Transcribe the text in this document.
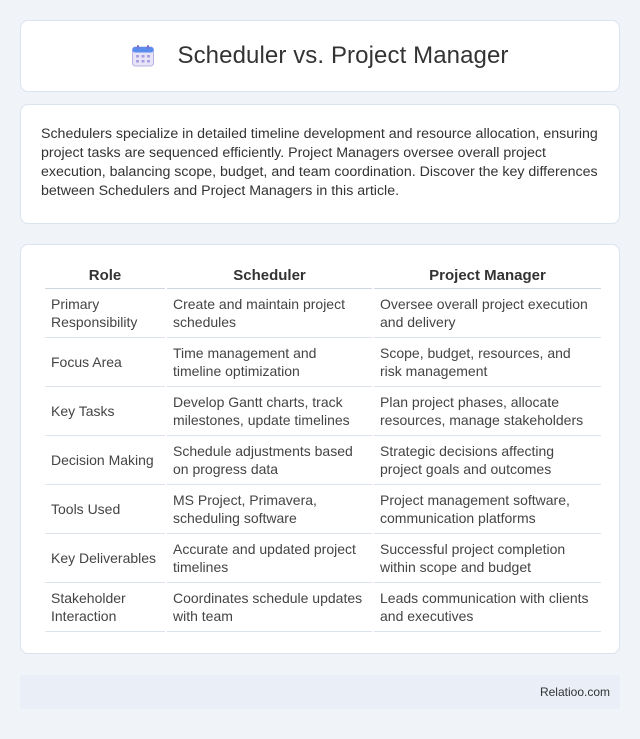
Scheduler vs. Project Manager

Schedulers specialize in detailed timeline development and resource allocation, ensuring project tasks are sequenced efficiently. Project Managers oversee overall project execution, balancing scope, budget, and team coordination. Discover the key differences between Schedulers and Project Managers in this article.

Role	Scheduler	Project Manager
Primary Responsibility	Create and maintain project schedules	Oversee overall project execution and delivery
Focus Area	Time management and timeline optimization	Scope, budget, resources, and risk management
Key Tasks	Develop Gantt charts, track milestones, update timelines	Plan project phases, allocate resources, manage stakeholders
Decision Making	Schedule adjustments based on progress data	Strategic decisions affecting project goals and outcomes
Tools Used	MS Project, Primavera, scheduling software	Project management software, communication platforms
Key Deliverables	Accurate and updated project timelines	Successful project completion within scope and budget
Stakeholder Interaction	Coordinates schedule updates with team	Leads communication with clients and executives
Relatioo.com
